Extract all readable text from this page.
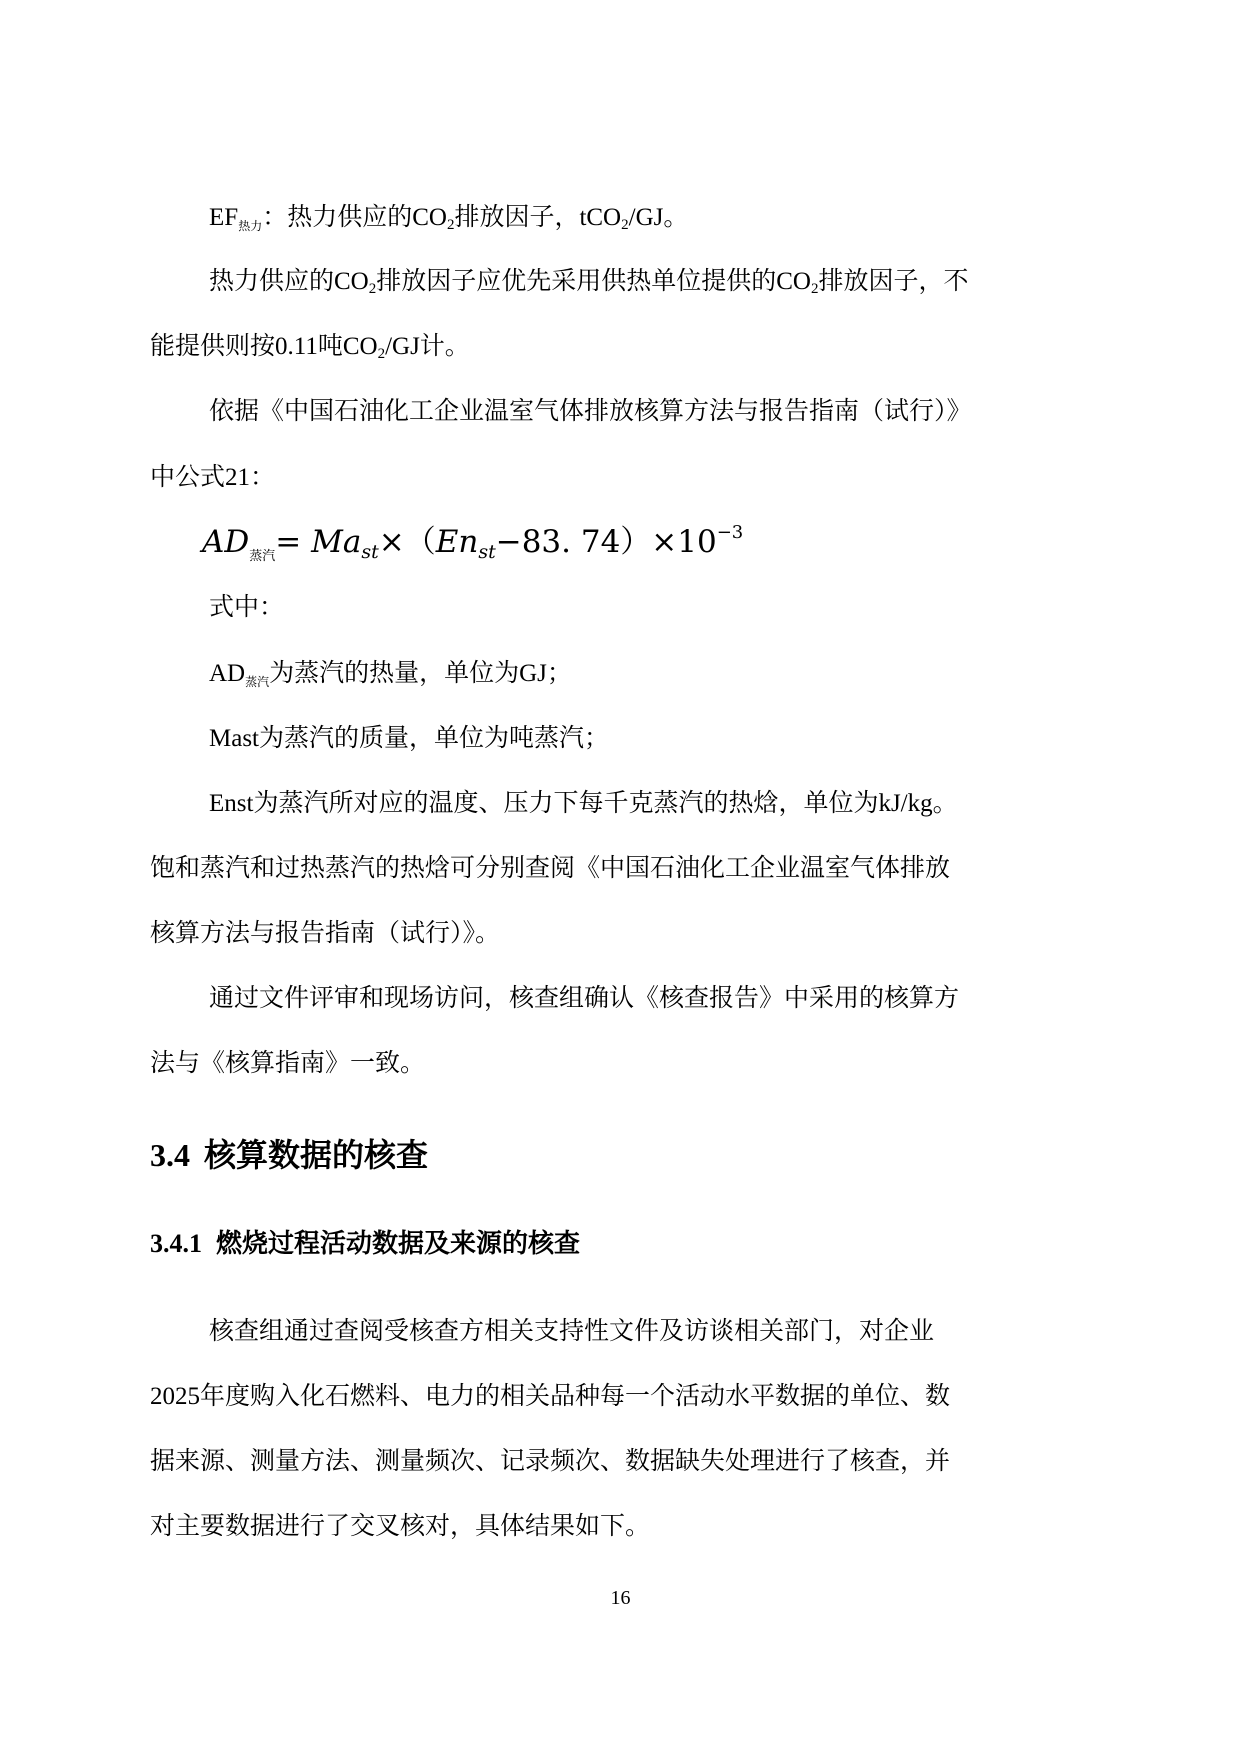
$EF_{热力}$：热力供应的$CO_2$排放因子，tCO$_2$/GJ。
热力供应的$CO_2$排放因子应优先采用供热单位提供的$CO_2$排放因子，不
能提供则按0.11吨$CO_2/GJ$计。
依据《中国石油化工企业温室气体排放核算方法与报告指南（试行）》
中公式21：
$AD_{蒸汽}=$ Mast×（Enst−83. $74)\times 10^{-3}$
式中：
$AD_{蒸汽}$为蒸汽的热量，单位为GJ；
Mast为蒸汽的质量，单位为吨蒸汽；
Enst为蒸汽所对应的温度、压力下每千克蒸汽的热焓，单位为kJ/kg。
饱和蒸汽和过热蒸汽的热焓可分别查阅《中国石油化工企业温室气体排放
核算方法与报告指南（试行）》。
通过文件评审和现场访问，核查组确认《核查报告》中采用的核算方
法与《核算指南》一致。
3.4 核算数据的核查
3.4.1 燃烧过程活动数据及来源的核查
核查组通过查阅受核查方相关支持性文件及访谈相关部门，对企业
2025年度购入化石燃料、电力的相关品种每一个活动水平数据的单位、数
据来源、测量方法、测量频次、记录频次、数据缺失处理进行了核查，并
对主要数据进行了交叉核对，具体结果如下。
16
